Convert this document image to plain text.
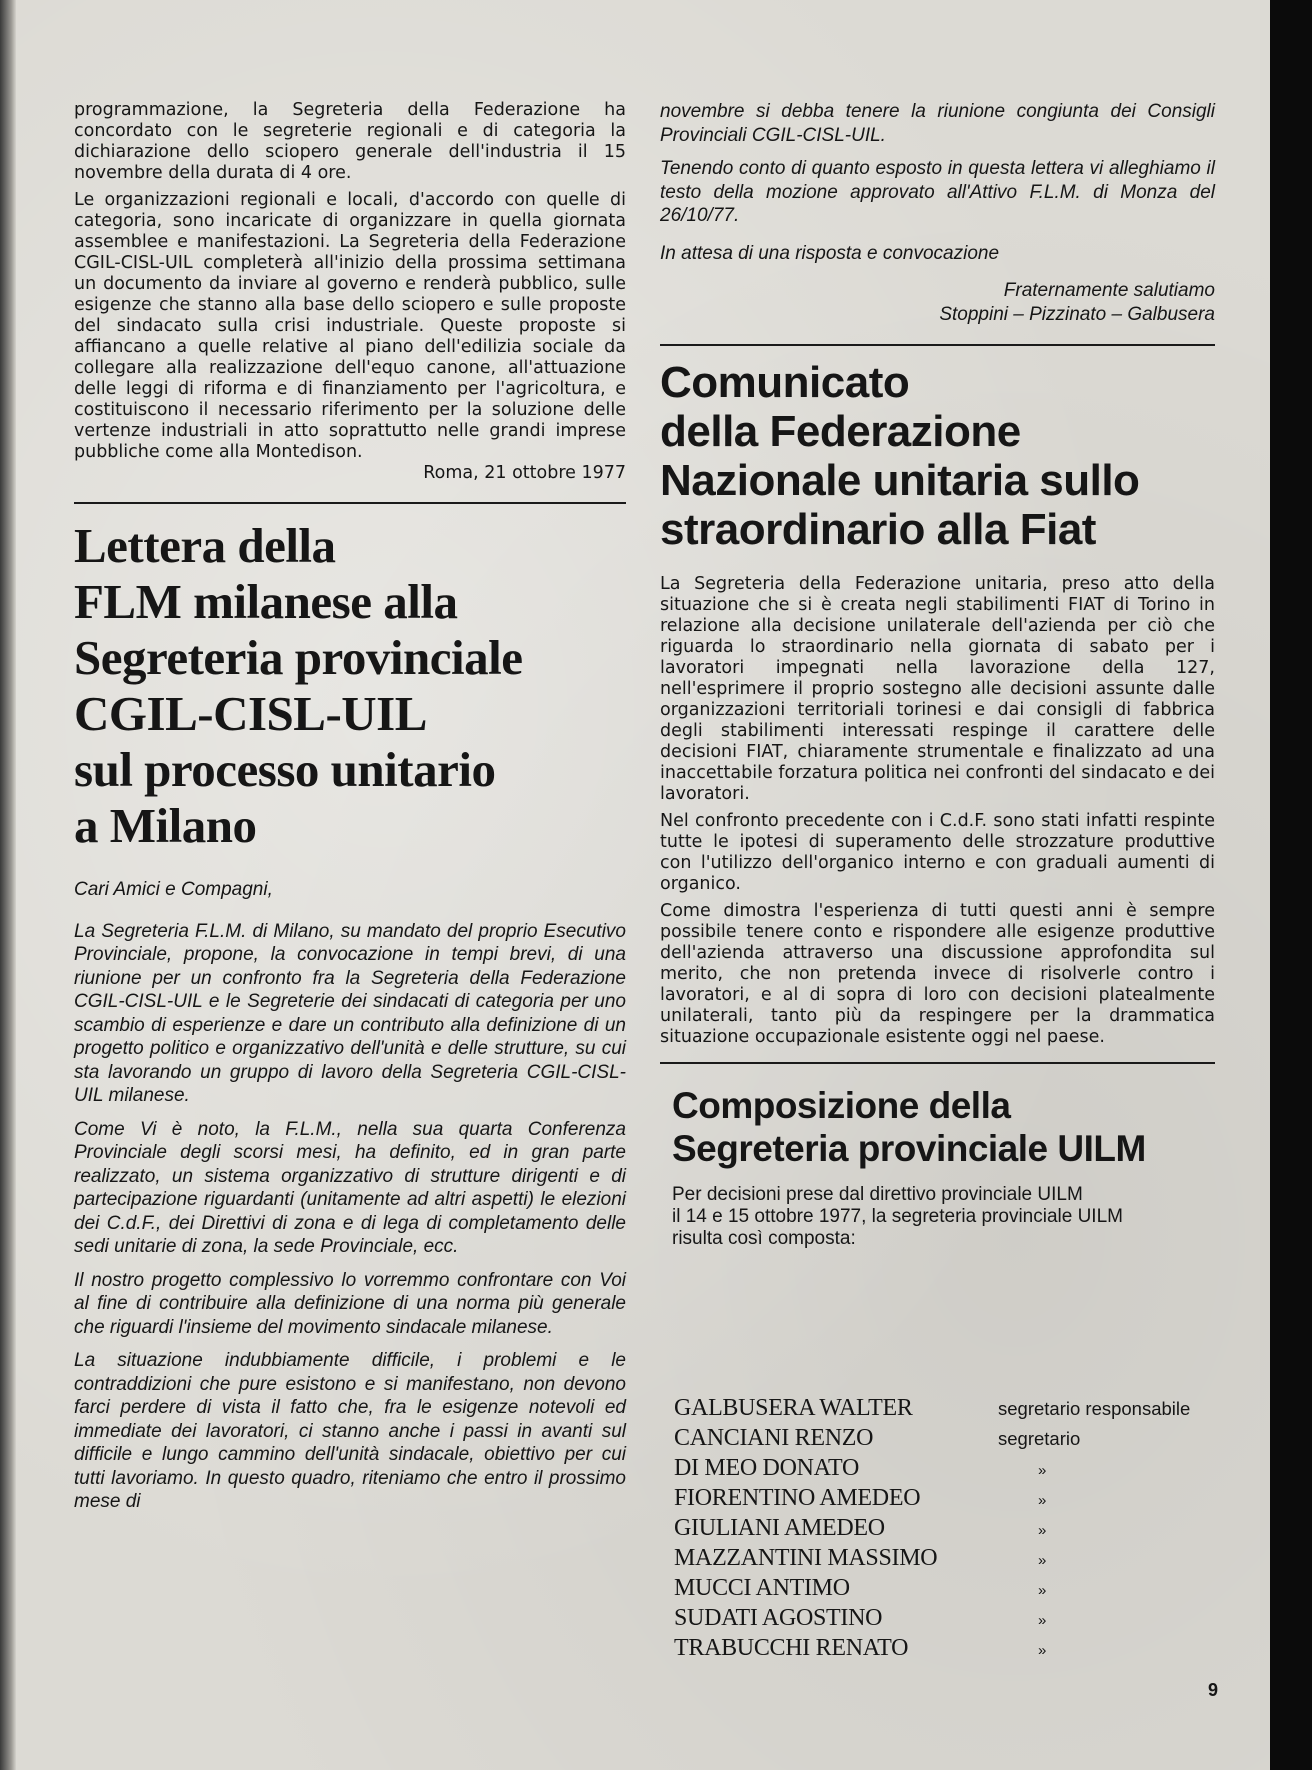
programmazione, la Segreteria della Federazione ha concordato con le segreterie regionali e di categoria la dichiarazione dello sciopero generale dell'industria il 15 novembre della durata di 4 ore.

Le organizzazioni regionali e locali, d'accordo con quelle di categoria, sono incaricate di organizzare in quella giornata assemblee e manifestazioni. La Segreteria della Federazione CGIL-CISL-UIL completerà all'inizio della prossima settimana un documento da inviare al governo e renderà pubblico, sulle esigenze che stanno alla base dello sciopero e sulle proposte del sindacato sulla crisi industriale. Queste proposte si affiancano a quelle relative al piano dell'edilizia sociale da collegare alla realizzazione dell'equo canone, all'attuazione delle leggi di riforma e di finanziamento per l'agricoltura, e costituiscono il necessario riferimento per la soluzione delle vertenze industriali in atto soprattutto nelle grandi imprese pubbliche come alla Montedison.

Roma, 21 ottobre 1977

Lettera della
FLM milanese alla
Segreteria provinciale
CGIL-CISL-UIL
sul processo unitario
a Milano

Cari Amici e Compagni,

La Segreteria F.L.M. di Milano, su mandato del proprio Esecutivo Provinciale, propone, la convocazione in tempi brevi, di una riunione per un confronto fra la Segreteria della Federazione CGIL-CISL-UIL e le Segreterie dei sindacati di categoria per uno scambio di esperienze e dare un contributo alla definizione di un progetto politico e organizzativo dell'unità e delle strutture, su cui sta lavorando un gruppo di lavoro della Segreteria CGIL-CISL-UIL milanese.

Come Vi è noto, la F.L.M., nella sua quarta Conferenza Provinciale degli scorsi mesi, ha definito, ed in gran parte realizzato, un sistema organizzativo di strutture dirigenti e di partecipazione riguardanti (unitamente ad altri aspetti) le elezioni dei C.d.F., dei Direttivi di zona e di lega di completamento delle sedi unitarie di zona, la sede Provinciale, ecc.

Il nostro progetto complessivo lo vorremmo confrontare con Voi al fine di contribuire alla definizione di una norma più generale che riguardi l'insieme del movimento sindacale milanese.

La situazione indubbiamente difficile, i problemi e le contraddizioni che pure esistono e si manifestano, non devono farci perdere di vista il fatto che, fra le esigenze notevoli ed immediate dei lavoratori, ci stanno anche i passi in avanti sul difficile e lungo cammino dell'unità sindacale, obiettivo per cui tutti lavoriamo. In questo quadro, riteniamo che entro il prossimo mese di

novembre si debba tenere la riunione congiunta dei Consigli Provinciali CGIL-CISL-UIL.

Tenendo conto di quanto esposto in questa lettera vi alleghiamo il testo della mozione approvato all'Attivo F.L.M. di Monza del 26/10/77.

In attesa di una risposta e convocazione

Fraternamente salutiamo

Stoppini – Pizzinato – Galbusera

Comunicato
della Federazione
Nazionale unitaria sullo
straordinario alla Fiat

La Segreteria della Federazione unitaria, preso atto della situazione che si è creata negli stabilimenti FIAT di Torino in relazione alla decisione unilaterale dell'azienda per ciò che riguarda lo straordinario nella giornata di sabato per i lavoratori impegnati nella lavorazione della 127, nell'esprimere il proprio sostegno alle decisioni assunte dalle organizzazioni territoriali torinesi e dai consigli di fabbrica degli stabilimenti interessati respinge il carattere delle decisioni FIAT, chiaramente strumentale e finalizzato ad una inaccettabile forzatura politica nei confronti del sindacato e dei lavoratori.

Nel confronto precedente con i C.d.F. sono stati infatti respinte tutte le ipotesi di superamento delle strozzature produttive con l'utilizzo dell'organico interno e con graduali aumenti di organico.

Come dimostra l'esperienza di tutti questi anni è sempre possibile tenere conto e rispondere alle esigenze produttive dell'azienda attraverso una discussione approfondita sul merito, che non pretenda invece di risolverle contro i lavoratori, e al di sopra di loro con decisioni platealmente unilaterali, tanto più da respingere per la drammatica situazione occupazionale esistente oggi nel paese.

Composizione della
Segreteria provinciale UILM

Per decisioni prese dal direttivo provinciale UILM

il 14 e 15 ottobre 1977, la segreteria provinciale UILM

risulta così composta:

GALBUSERA WALTER	segretario responsabile
CANCIANI RENZO	segretario
DI MEO DONATO	»
FIORENTINO AMEDEO	»
GIULIANI AMEDEO	»
MAZZANTINI MASSIMO	»
MUCCI ANTIMO	»
SUDATI AGOSTINO	»
TRABUCCHI RENATO	»
9
